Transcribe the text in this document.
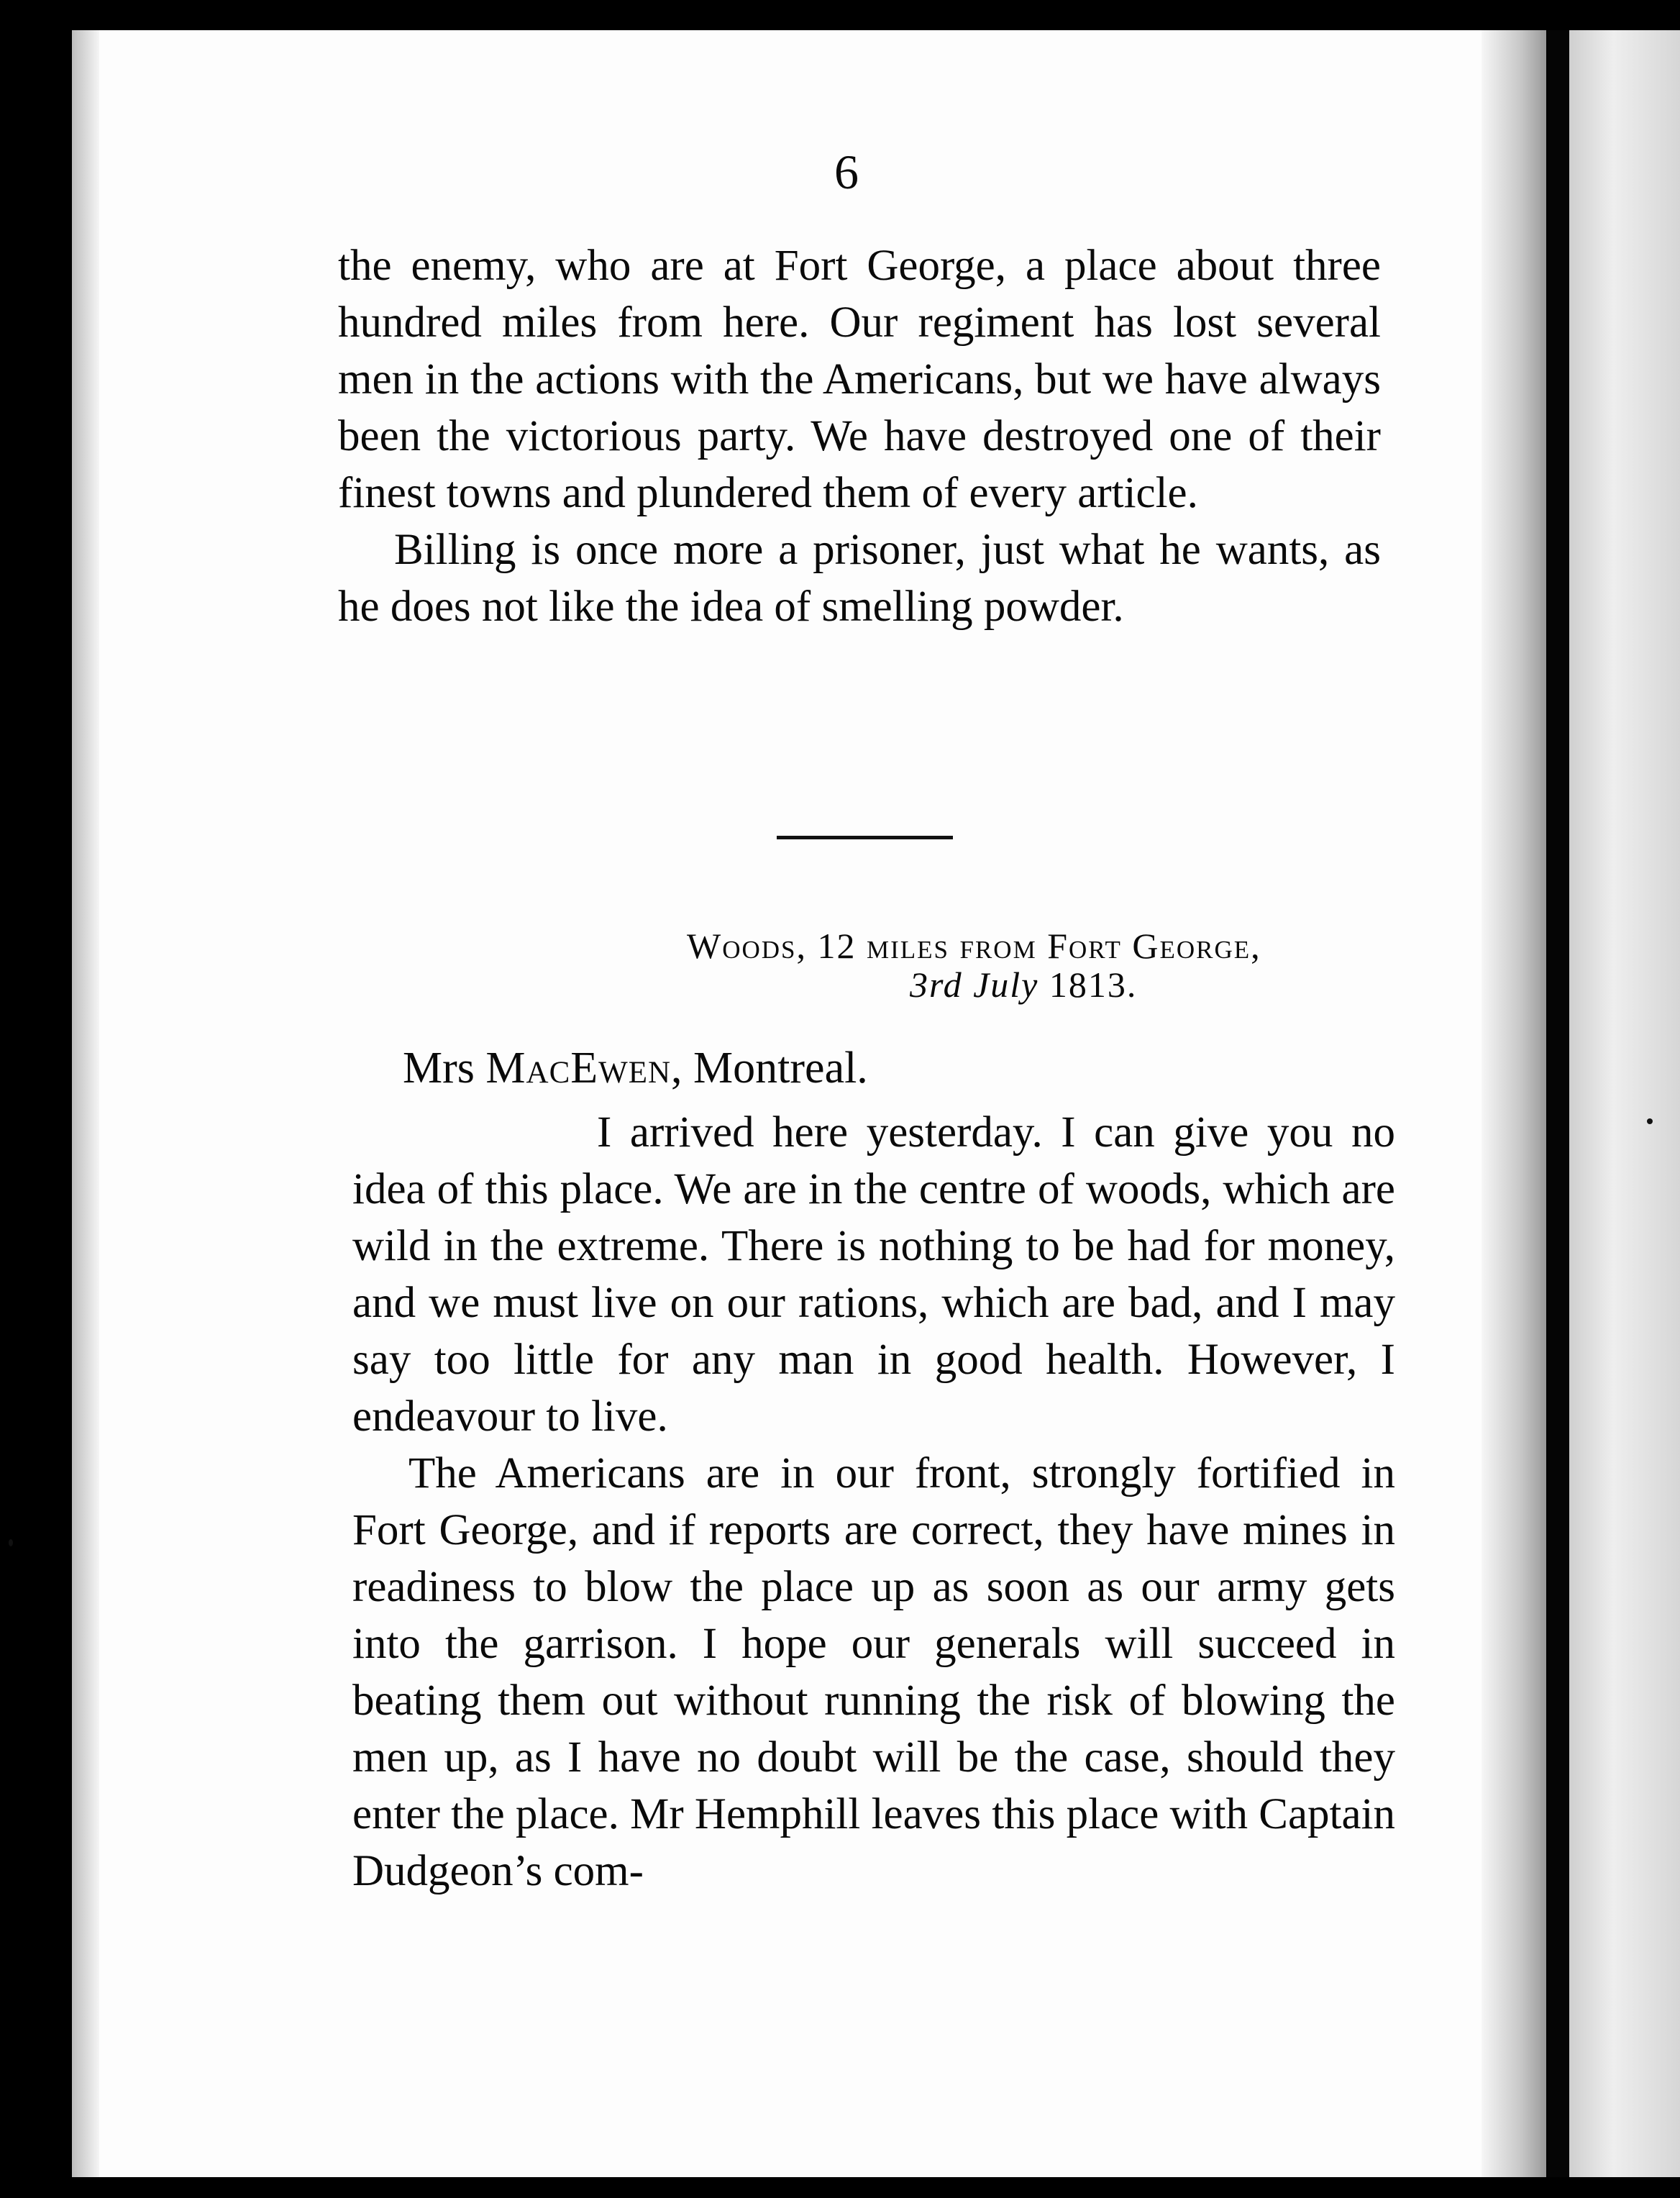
6

the enemy, who are at Fort George, a place about three hundred miles from here. Our regiment has lost several men in the actions with the Americans, but we have always been the victorious party. We have destroyed one of their finest towns and plundered them of every article.

Billing is once more a prisoner, just what he wants, as he does not like the idea of smelling powder.

Woods, 12 miles from Fort George,
3rd July 1813.
Mrs MacEwen, Montreal.

I arrived here yesterday. I can give you no idea of this place. We are in the centre of woods, which are wild in the extreme. There is nothing to be had for money, and we must live on our rations, which are bad, and I may say too little for any man in good health. However, I endeavour to live.

The Americans are in our front, strongly fortified in Fort George, and if reports are correct, they have mines in readiness to blow the place up as soon as our army gets into the garrison. I hope our generals will succeed in beating them out without running the risk of blowing the men up, as I have no doubt will be the case, should they enter the place. Mr Hemphill leaves this place with Captain Dudgeon’s com-
